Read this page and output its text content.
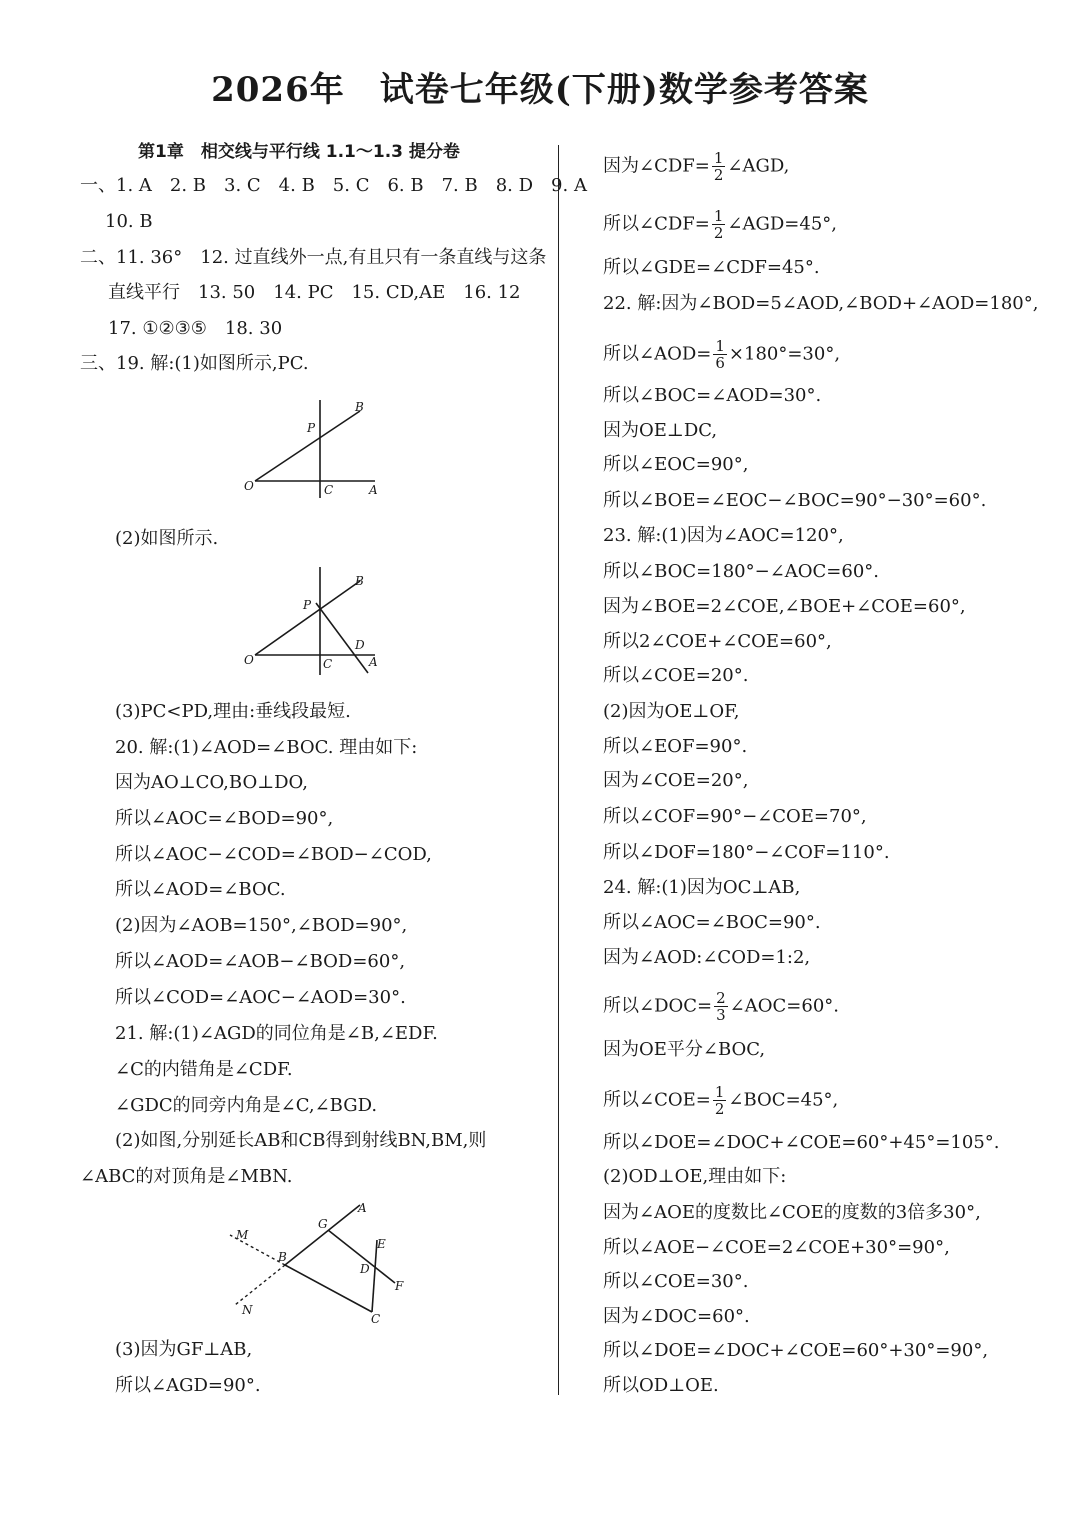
2026年　试卷七年级(下册)数学参考答案
第1章　相交线与平行线 1.1～1.3 提分卷
一、1. A　2. B　3. C　4. B　5. C　6. B　7. B　8. D　9. A
10. B
二、11. 36°　12. 过直线外一点,有且只有一条直线与这条
直线平行　13. 50　14. PC　15. CD,AE　16. 12
17. ①②③⑤　18. 30
三、19. 解:(1)如图所示,PC.
P
B
O	C	A
(2)如图所示.
P
B
O	C
D
A
(3)PC<PD,理由:垂线段最短.
20. 解:(1)∠AOD=∠BOC. 理由如下:
因为AO⊥CO,BO⊥DO,
所以∠AOC=∠BOD=90°,
所以∠AOC−∠COD=∠BOD−∠COD,
所以∠AOD=∠BOC.
(2)因为∠AOB=150°,∠BOD=90°,
所以∠AOD=∠AOB−∠BOD=60°,
所以∠COD=∠AOC−∠AOD=30°.
21. 解:(1)∠AGD的同位角是∠B,∠EDF.
∠C的内错角是∠CDF.
∠GDC的同旁内角是∠C,∠BGD.
(2)如图,分别延长AB和CB得到射线BN,BM,则
∠ABC的对顶角是∠MBN.
M
G
A
E
B
D
F
N
C
(3)因为GF⊥AB,
所以∠AGD=90°.
因为∠CDF= $\frac{1}{2}$ ∠AGD,
所以∠CDF= $\frac{1}{2}$ ∠AGD=45°,
所以∠GDE=∠CDF=45°.
22. 解:因为∠BOD=5∠AOD,∠BOD+∠AOD=180°,
所以∠AOD= $\frac{1}{6} \times 180^\circ=30^\circ$,
所以∠BOC=∠AOD=30°.
因为OE⊥DC,
所以∠EOC=90°,
所以∠BOE=∠EOC−∠BOC=90°−30°=60°.
23. 解:(1)因为∠AOC=120°,
所以∠BOC=180°−∠AOC=60°.
因为∠BOE=2∠COE,∠BOE+∠COE=60°,
所以2∠COE+∠COE=60°,
所以∠COE=20°.
(2)因为OE⊥OF,
所以∠EOF=90°.
因为∠COE=20°,
所以∠COF=90°−∠COE=70°,
所以∠DOF=180°−∠COF=110°.
24. 解:(1)因为OC⊥AB,
所以∠AOC=∠BOC=90°.
因为∠AOD:∠COD=1:2,
所以∠DOC= $\frac{2}{3}$ ∠AOC=60°.
因为OE平分∠BOC,
所以∠COE= $\frac{1}{2}$ ∠BOC=45°,
所以∠DOE=∠DOC+∠COE=60°+45°=105°.
(2)OD⊥OE,理由如下:
因为∠AOE的度数比∠COE的度数的3倍多30°,
所以∠AOE−∠COE=2∠COE+30°=90°,
所以∠COE=30°.
因为∠DOC=60°.
所以∠DOE=∠DOC+∠COE=60°+30°=90°,
所以OD⊥OE.
